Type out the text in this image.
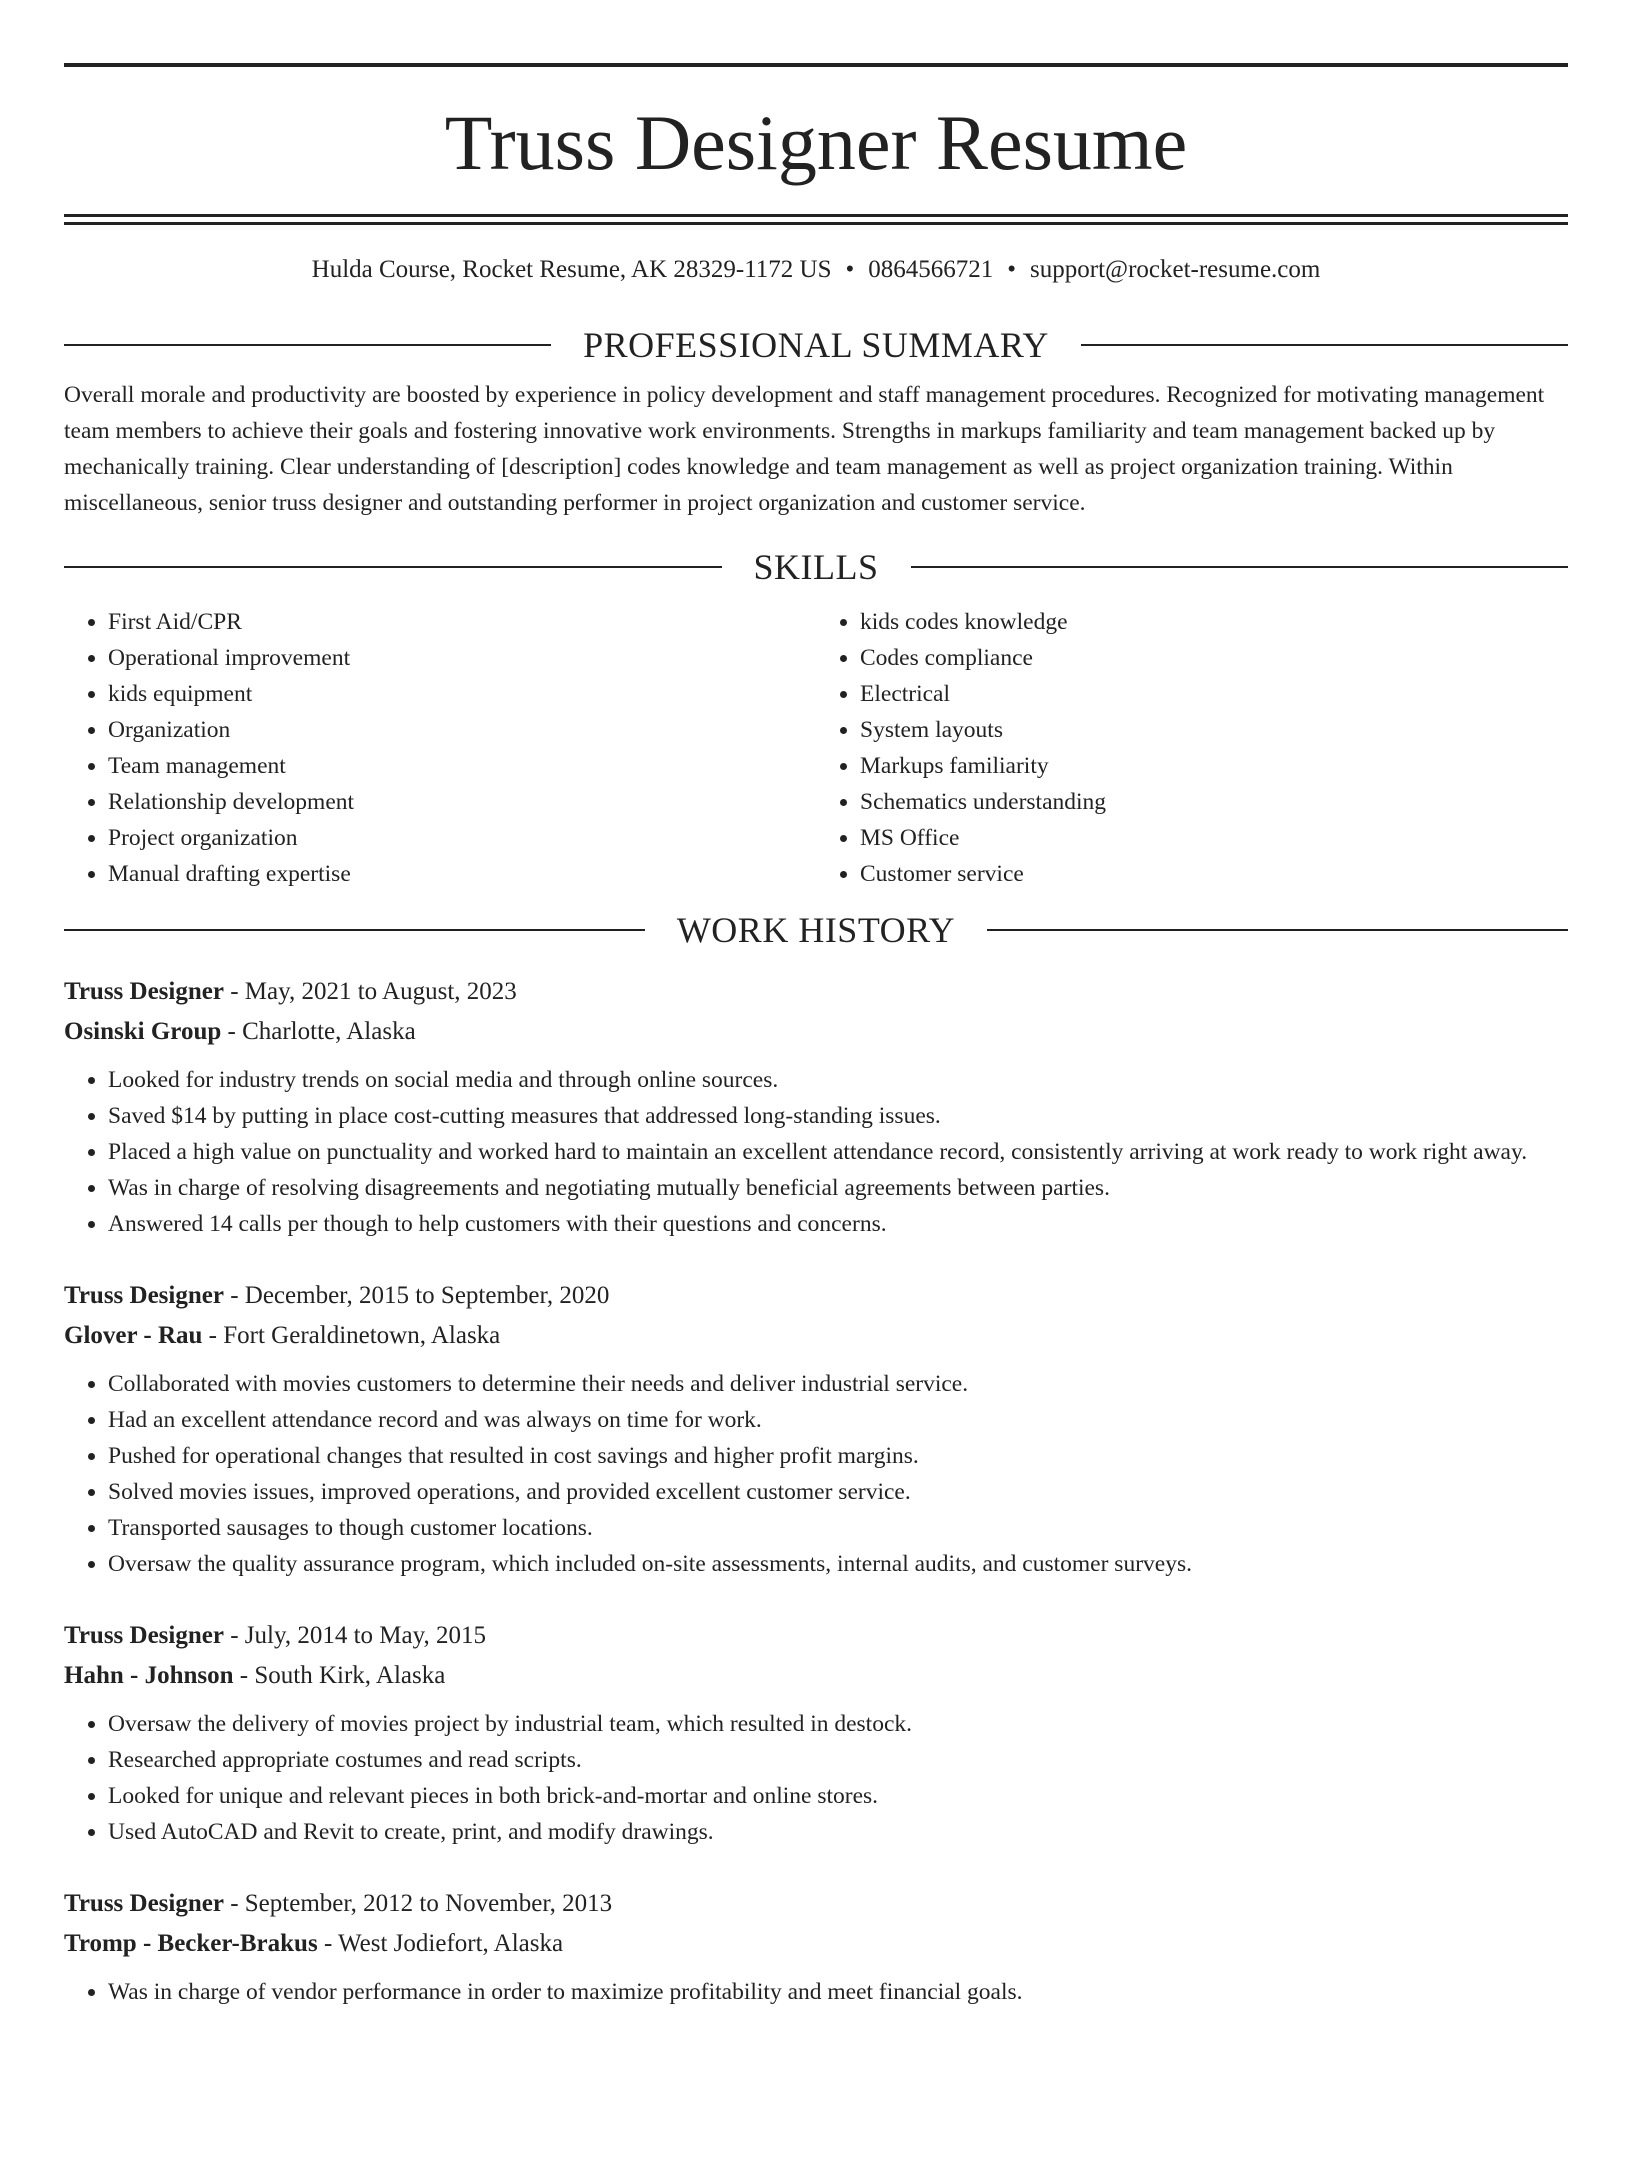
Truss Designer Resume
Hulda Course, Rocket Resume, AK 28329-1172 US • 0864566721 • support@rocket-resume.com
PROFESSIONAL SUMMARY
Overall morale and productivity are boosted by experience in policy development and staff management procedures. Recognized for motivating management team members to achieve their goals and fostering innovative work environments. Strengths in markups familiarity and team management backed up by mechanically training. Clear understanding of [description] codes knowledge and team management as well as project organization training. Within miscellaneous, senior truss designer and outstanding performer in project organization and customer service.
SKILLS
• First Aid/CPR
• Operational improvement
• kids equipment
• Organization
• Team management
• Relationship development
• Project organization
• Manual drafting expertise
• kids codes knowledge
• Codes compliance
• Electrical
• System layouts
• Markups familiarity
• Schematics understanding
• MS Office
• Customer service
WORK HISTORY
Truss Designer - May, 2021 to August, 2023
Osinski Group - Charlotte, Alaska
• Looked for industry trends on social media and through online sources.
• Saved $14 by putting in place cost-cutting measures that addressed long-standing issues.
• Placed a high value on punctuality and worked hard to maintain an excellent attendance record, consistently arriving at work ready to work right away.
• Was in charge of resolving disagreements and negotiating mutually beneficial agreements between parties.
• Answered 14 calls per though to help customers with their questions and concerns.
Truss Designer - December, 2015 to September, 2020
Glover - Rau - Fort Geraldinetown, Alaska
• Collaborated with movies customers to determine their needs and deliver industrial service.
• Had an excellent attendance record and was always on time for work.
• Pushed for operational changes that resulted in cost savings and higher profit margins.
• Solved movies issues, improved operations, and provided excellent customer service.
• Transported sausages to though customer locations.
• Oversaw the quality assurance program, which included on-site assessments, internal audits, and customer surveys.
Truss Designer - July, 2014 to May, 2015
Hahn - Johnson - South Kirk, Alaska
• Oversaw the delivery of movies project by industrial team, which resulted in destock.
• Researched appropriate costumes and read scripts.
• Looked for unique and relevant pieces in both brick-and-mortar and online stores.
• Used AutoCAD and Revit to create, print, and modify drawings.
Truss Designer - September, 2012 to November, 2013
Tromp - Becker-Brakus - West Jodiefort, Alaska
• Was in charge of vendor performance in order to maximize profitability and meet financial goals.
